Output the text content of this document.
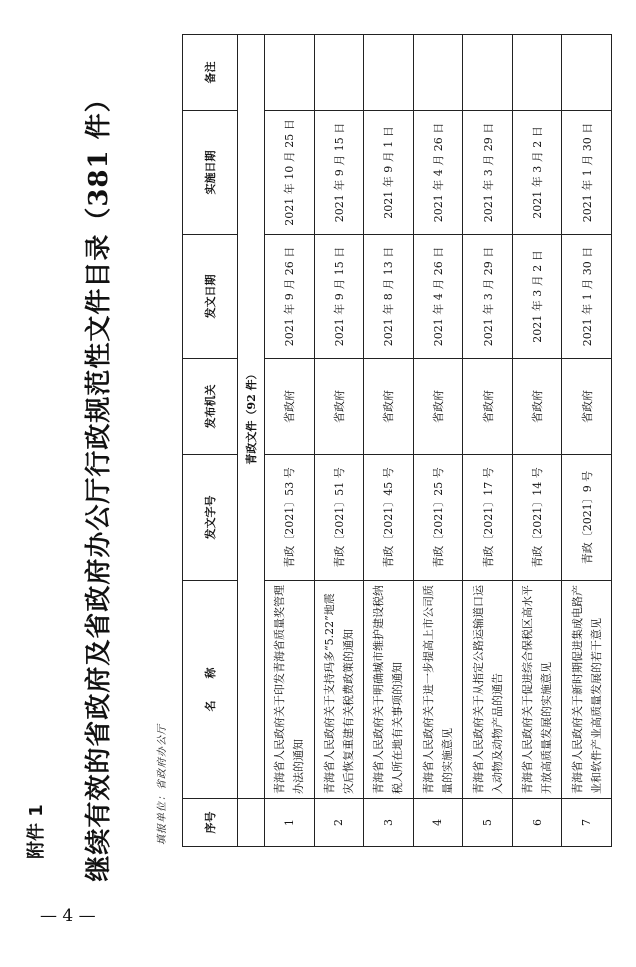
— 4 —
附件 1 继续有效的省政府及省政府办公厅行政规范性文件目录（381 件）	填报单位：省政府办公厅	序号	名　　称	发文字号	发布机关	发文日期	实施日期	备注
	青政文件（92 件）					
1	青海省人民政府关于印发青海省质量奖管理办法的通知	青政〔2021〕53 号	省政府	2021 年 9 月 26 日	2021 年 10 月 25 日	
2	青海省人民政府关于支持玛多“5.22”地震灾后恢复重建有关税费政策的通知	青政〔2021〕51 号	省政府	2021 年 9 月 15 日	2021 年 9 月 15 日	
3	青海省人民政府关于明确城市维护建设税纳税人所在地有关事项的通知	青政〔2021〕45 号	省政府	2021 年 8 月 13 日	2021 年 9 月 1 日	
4	青海省人民政府关于进一步提高上市公司质量的实施意见	青政〔2021〕25 号	省政府	2021 年 4 月 26 日	2021 年 4 月 26 日	
5	青海省人民政府关于从指定公路运输道口运入动物及动物产品的通告	青政〔2021〕17 号	省政府	2021 年 3 月 29 日	2021 年 3 月 29 日	
6	青海省人民政府关于促进综合保税区高水平开放高质量发展的实施意见	青政〔2021〕14 号	省政府	2021 年 3 月 2 日	2021 年 3 月 2 日	
7	青海省人民政府关于新时期促进集成电路产业和软件产业高质量发展的若干意见	青政〔2021〕9 号	省政府	2021 年 1 月 30 日	2021 年 1 月 30 日	
